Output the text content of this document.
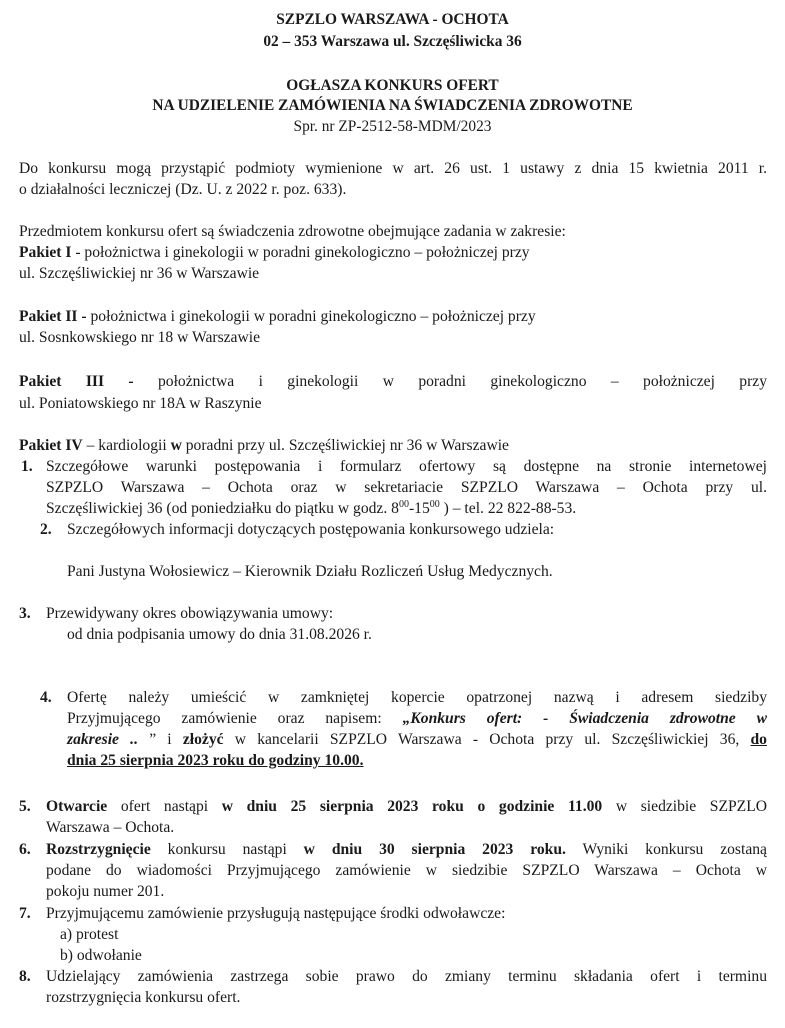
SZPZLO WARSZAWA - OCHOTA
02 – 353 Warszawa ul. Szczęśliwicka 36
OGŁASZA KONKURS OFERT
NA UDZIELENIE ZAMÓWIENIA NA ŚWIADCZENIA ZDROWOTNE
Spr. nr ZP-2512-58-MDM/2023
Do konkursu mogą przystąpić podmioty wymienione w art. 26 ust. 1 ustawy z dnia 15 kwietnia 2011 r.
o działalności leczniczej (Dz. U. z 2022 r. poz. 633).
Przedmiotem konkursu ofert są świadczenia zdrowotne obejmujące zadania w zakresie:
Pakiet I - położnictwa i ginekologii w poradni ginekologiczno – położniczej przy
ul. Szczęśliwickiej nr 36 w Warszawie
Pakiet II - położnictwa i ginekologii w poradni ginekologiczno – położniczej przy
ul. Sosnkowskiego nr 18 w Warszawie
Pakiet III - położnictwa i ginekologii w poradni ginekologiczno – położniczej przy
ul. Poniatowskiego nr 18A w Raszynie
Pakiet IV – kardiologii w poradni przy ul. Szczęśliwickiej nr 36 w Warszawie
1. Szczegółowe warunki postępowania i formularz ofertowy są dostępne na stronie internetowej
SZPZLO Warszawa – Ochota oraz w sekretariacie SZPZLO Warszawa – Ochota przy ul.
Szczęśliwickiej 36 (od poniedziałku do piątku w godz. $8^{00}-15^{00}$ ) – tel. 22 822-88-53.
2. Szczegółowych informacji dotyczących postępowania konkursowego udziela:
Pani Justyna Wołosiewicz – Kierownik Działu Rozliczeń Usług Medycznych.
3. Przewidywany okres obowiązywania umowy:
od dnia podpisania umowy do dnia 31.08.2026 r.
4. Ofertę należy umieścić w zamkniętej kopercie opatrzonej nazwą i adresem siedziby
Przyjmującego zamówienie oraz napisem: „Konkurs ofert: - Świadczenia zdrowotne w
zakresie .. ” i złożyć w kancelarii SZPZLO Warszawa - Ochota przy ul. Szczęśliwickiej 36, do
dnia 25 sierpnia 2023 roku do godziny 10.00.
5. Otwarcie ofert nastąpi w dniu 25 sierpnia 2023 roku o godzinie 11.00 w siedzibie SZPZLO
Warszawa – Ochota.
6. Rozstrzygnięcie konkursu nastąpi w dniu 30 sierpnia 2023 roku. Wyniki konkursu zostaną
podane do wiadomości Przyjmującego zamówienie w siedzibie SZPZLO Warszawa – Ochota w
pokoju numer 201.
7. Przyjmującemu zamówienie przysługują następujące środki odwoławcze:
a) protest
b) odwołanie
8. Udzielający zamówienia zastrzega sobie prawo do zmiany terminu składania ofert i terminu
rozstrzygnięcia konkursu ofert.
